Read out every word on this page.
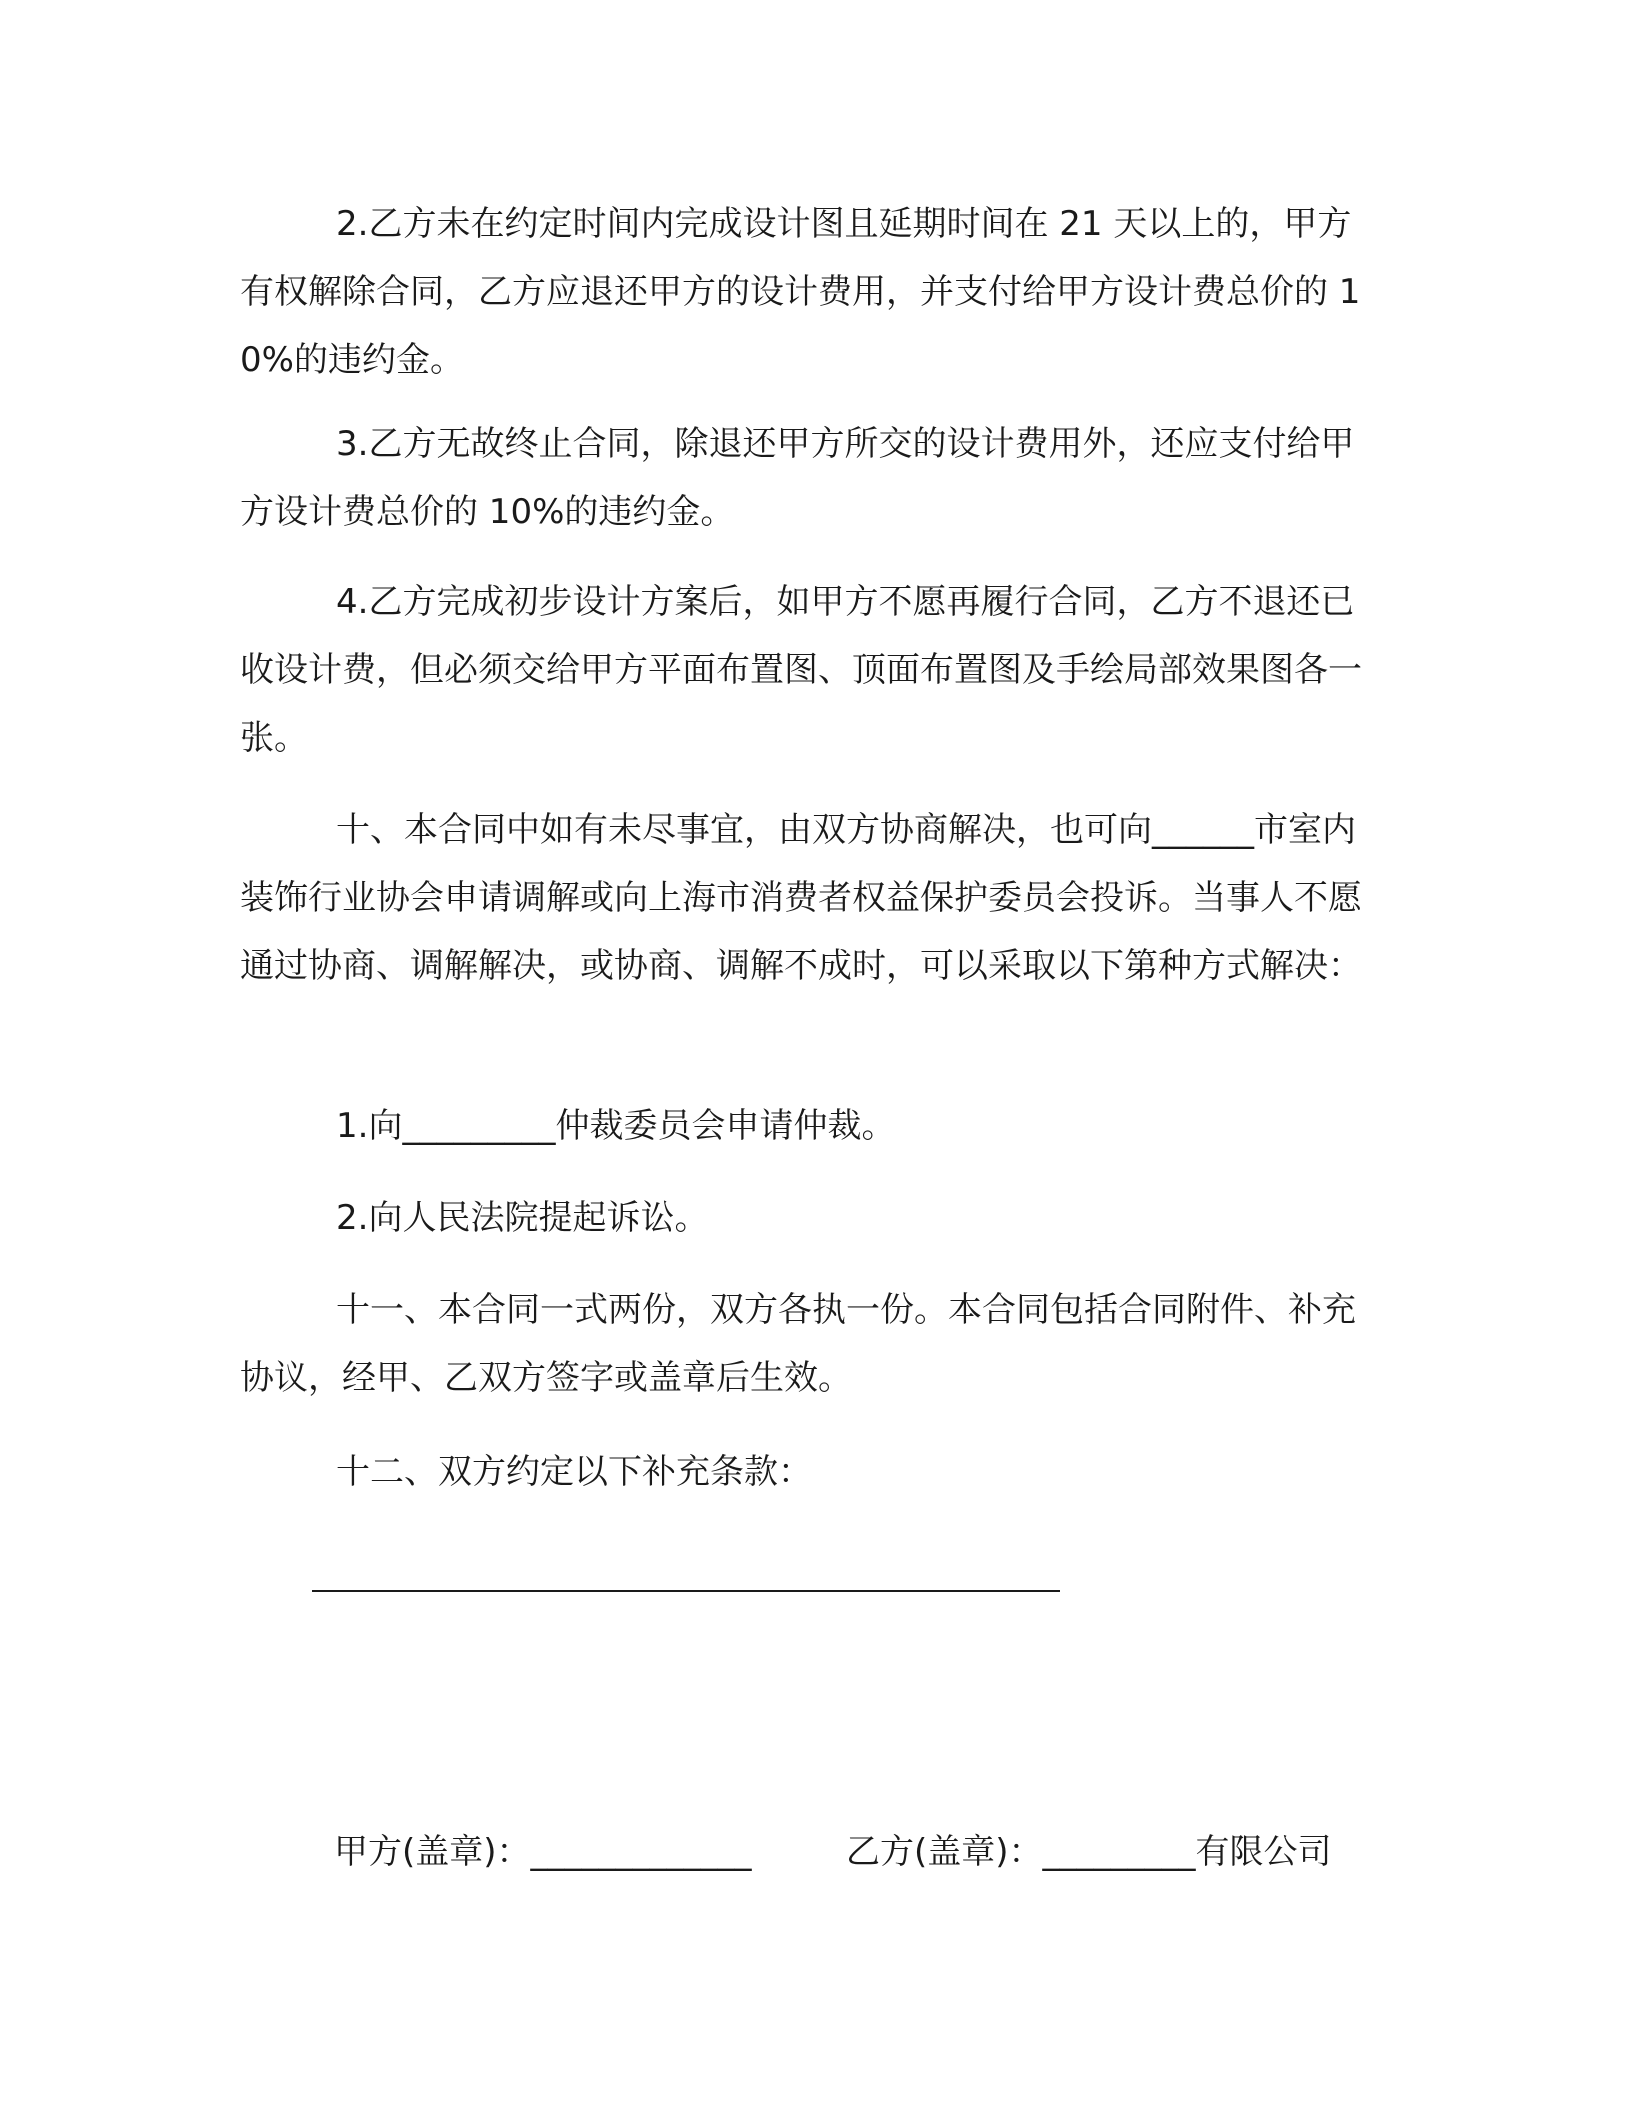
2.乙方未在约定时间内完成设计图且延期时间在 21 天以上的，甲方有权解除合同，乙方应退还甲方的设计费用，并支付给甲方设计费总价的 10%的违约金。

3.乙方无故终止合同，除退还甲方所交的设计费用外，还应支付给甲方设计费总价的 10%的违约金。

4.乙方完成初步设计方案后，如甲方不愿再履行合同，乙方不退还已收设计费，但必须交给甲方平面布置图、顶面布置图及手绘局部效果图各一张。

十、本合同中如有未尽事宜，由双方协商解决，也可向______市室内装饰行业协会申请调解或向上海市消费者权益保护委员会投诉。当事人不愿通过协商、调解解决，或协商、调解不成时，可以采取以下第种方式解决：

1.向_________仲裁委员会申请仲裁。

2.向人民法院提起诉讼。

十一、本合同一式两份，双方各执一份。本合同包括合同附件、补充协议，经甲、乙双方签字或盖章后生效。

十二、双方约定以下补充条款：

甲方(盖章)：_____________	乙方(盖章)：_________有限公司
